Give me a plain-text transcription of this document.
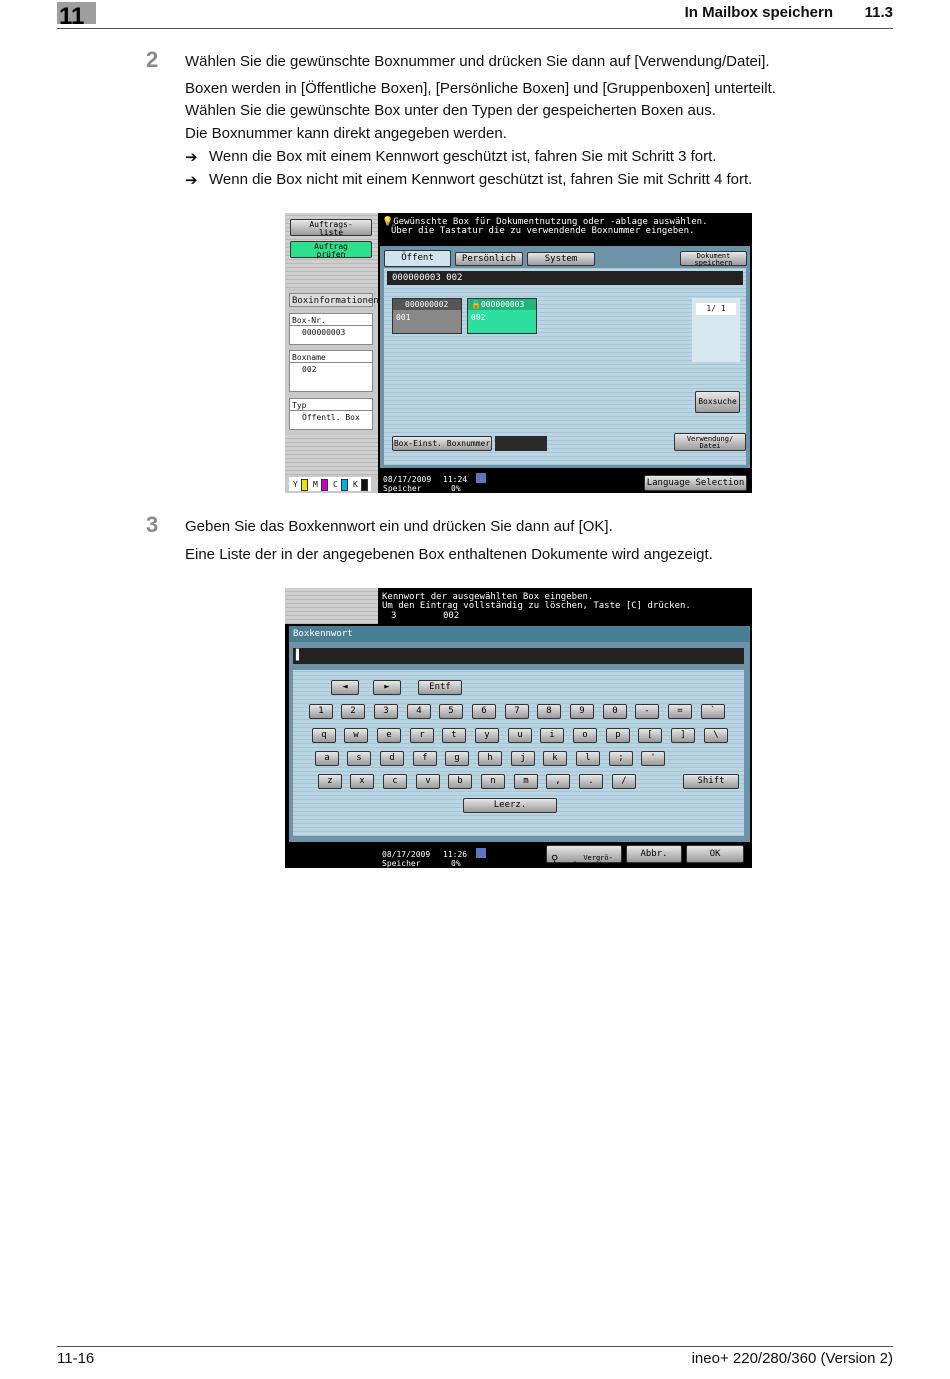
11	In Mailbox speichern 11.3
2 Wählen Sie die gewünschte Boxnummer und drücken Sie dann auf [Verwendung/Datei].
Boxen werden in [Öffentliche Boxen], [Persönliche Boxen] und [Gruppenboxen] unterteilt.
Wählen Sie die gewünschte Box unter den Typen der gespeicherten Boxen aus.
Die Boxnummer kann direkt angegeben werden.
➔ Wenn die Box mit einem Kennwort geschützt ist, fahren Sie mit Schritt 3 fort.
➔ Wenn die Box nicht mit einem Kennwort geschützt ist, fahren Sie mit Schritt 4 fort.
Auftrags-
liste
Auftrag
prüfen
Boxinformationen
Box-Nr.
000000003
Boxname
002
Typ
Öffentl. Box
Y M C K
💡Gewünschte Box für Dokumentnutzung oder -ablage auswählen.
Über die Tastatur die zu verwendende Boxnummer eingeben.
Öffent	Persönlich	System	Dokument
speichern
000000003 002
000000002
001
🔒000000003
002
1/ 1
Boxsuche
Box-Einst. Boxnummer	Verwendung/
Datei
08/17/2009 11:24
Speicher	0%
Language Selection
3 Geben Sie das Boxkennwort ein und drücken Sie dann auf [OK].
Eine Liste der in der angegebenen Box enthaltenen Dokumente wird angezeigt.
Kennwort der ausgewählten Box eingeben.
Um den Eintrag vollständig zu löschen, Taste [C] drücken.
3	002
Boxkennwort
▌
◄	►	Entf
1	2	3	4	5	6	7	8	9	0	-	=	`
q	w	e	r	t	y	u	i	o	p	[	]	\
a	s	d	f	g	h	j	k	l	;	'
z	x	c	v	b	n	m	,	.	/	Shift
Leerz.
08/17/2009 11:26
Speicher	0%

	⚲	Vergrö-
ßern ein

Abbr.	OK
11-16	ineo+ 220/280/360 (Version 2)
